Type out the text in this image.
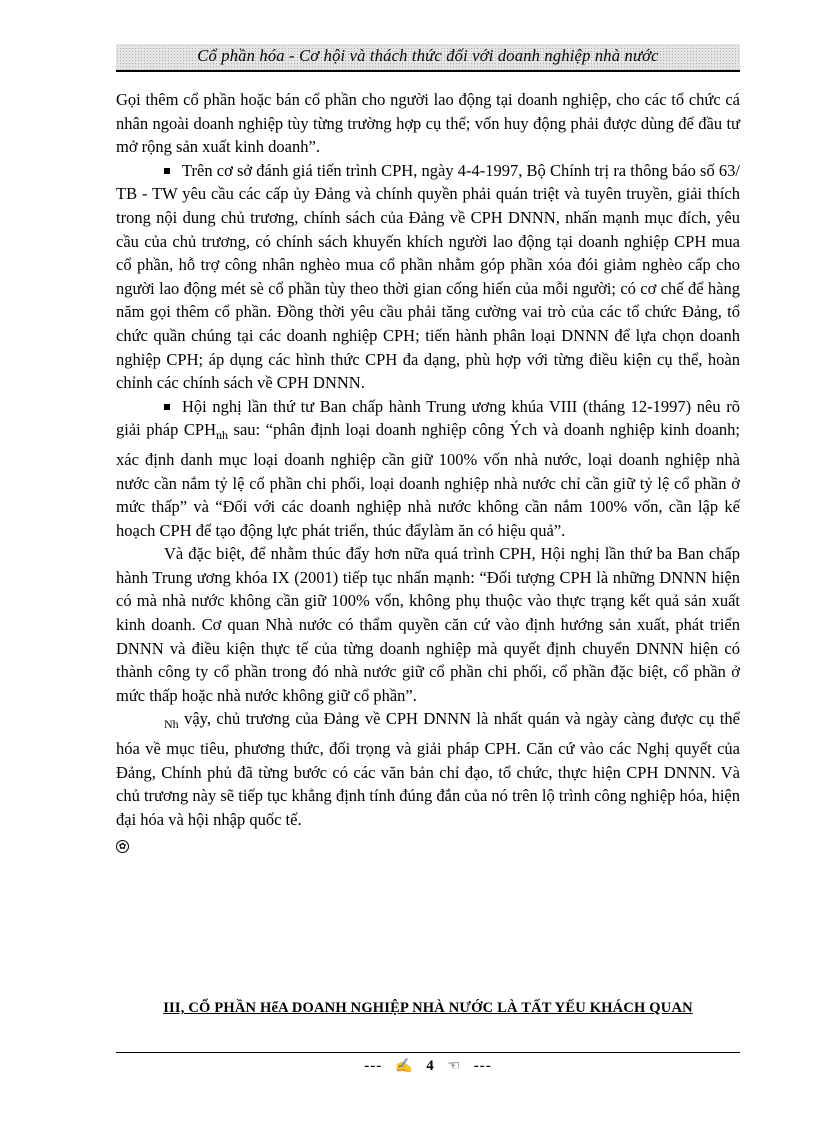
Cổ phần hóa - Cơ hội và thách thức đối với doanh nghiệp nhà nước

Gọi thêm cổ phần hoặc bán cổ phần cho người lao động tại doanh nghiệp, cho các tổ chức cá nhân ngoài doanh nghiệp tùy từng trường hợp cụ thể; vốn huy động phải được dùng để đầu tư mở rộng sản xuất kinh doanh”.

Trên cơ sở đánh giá tiến trình CPH, ngày 4-4-1997, Bộ Chính trị ra thông báo số 63/ TB - TW yêu cầu các cấp ủy Đảng và chính quyền phải quán triệt và tuyên truyền, giải thích trong nội dung chủ trương, chính sách của Đảng về CPH DNNN, nhấn mạnh mục đích, yêu cầu của chủ trương, có chính sách khuyến khích người lao động tại doanh nghiệp CPH mua cổ phần, hỗ trợ công nhân nghèo mua cổ phần nhằm góp phần xóa đói giảm nghèo cấp cho người lao động mét sè cổ phần tùy theo thời gian cống hiến của mỗi người; có cơ chế để hàng năm gọi thêm cổ phần. Đồng thời yêu cầu phải tăng cường vai trò của các tổ chức Đảng, tổ chức quần chúng tại các doanh nghiệp CPH; tiến hành phân loại DNNN để lựa chọn doanh nghiệp CPH; áp dụng các hình thức CPH đa dạng, phù hợp với từng điều kiện cụ thể, hoàn chỉnh các chính sách về CPH DNNN.

Hội nghị lần thứ tư Ban chấp hành Trung ương khúa VIII (tháng 12-1997) nêu rõ giải pháp $CPH_{nh}$ sau: “phân định loại doanh nghiệp công Ých và doanh nghiệp kinh doanh; xác định danh mục loại doanh nghiệp cần giữ 100% vốn nhà nước, loại doanh nghiệp nhà nước cần nắm tỷ lệ cổ phần chi phối, loại doanh nghiệp nhà nước chỉ cần giữ tỷ lệ cổ phần ở mức thấp” và “Đối với các doanh nghiệp nhà nước không cần nắm 100% vốn, cần lập kế hoạch CPH để tạo động lực phát triển, thúc đẩylàm ăn có hiệu quả”.

Và đặc biệt, để nhằm thúc đẩy hơn nữa quá trình CPH, Hội nghị lần thứ ba Ban chấp hành Trung ương khóa IX (2001) tiếp tục nhấn mạnh: “Đối tượng CPH là những DNNN hiện có mà nhà nước không cần giữ 100% vốn, không phụ thuộc vào thực trạng kết quả sản xuất kinh doanh. Cơ quan Nhà nước có thẩm quyền căn cứ vào định hướng sản xuất, phát triển DNNN và điều kiện thực tế của từng doanh nghiệp mà quyết định chuyển DNNN hiện có thành công ty cổ phần trong đó nhà nước giữ cổ phần chi phối, cổ phần đặc biệt, cổ phần ở mức thấp hoặc nhà nước không giữ cổ phần”.

$_{Nh}$ vậy, chủ trương của Đảng về CPH DNNN là nhất quán và ngày càng được cụ thể hóa về mục tiêu, phương thức, đối trọng và giải pháp CPH. Căn cứ vào các Nghị quyết của Đảng, Chính phủ đã từng bước có các văn bản chỉ đạo, tổ chức, thực hiện CPH DNNN. Và chủ trương này sẽ tiếp tục khẳng định tính đúng đắn của nó trên lộ trình công nghiệp hóa, hiện đại hóa và hội nhập quốc tế.

✿

III, CỔ PHẦN HểA DOANH NGHIỆP NHÀ NƯỚC LÀ TẤT YẾU KHÁCH QUAN
--- ✍ 4 ☜ ---
